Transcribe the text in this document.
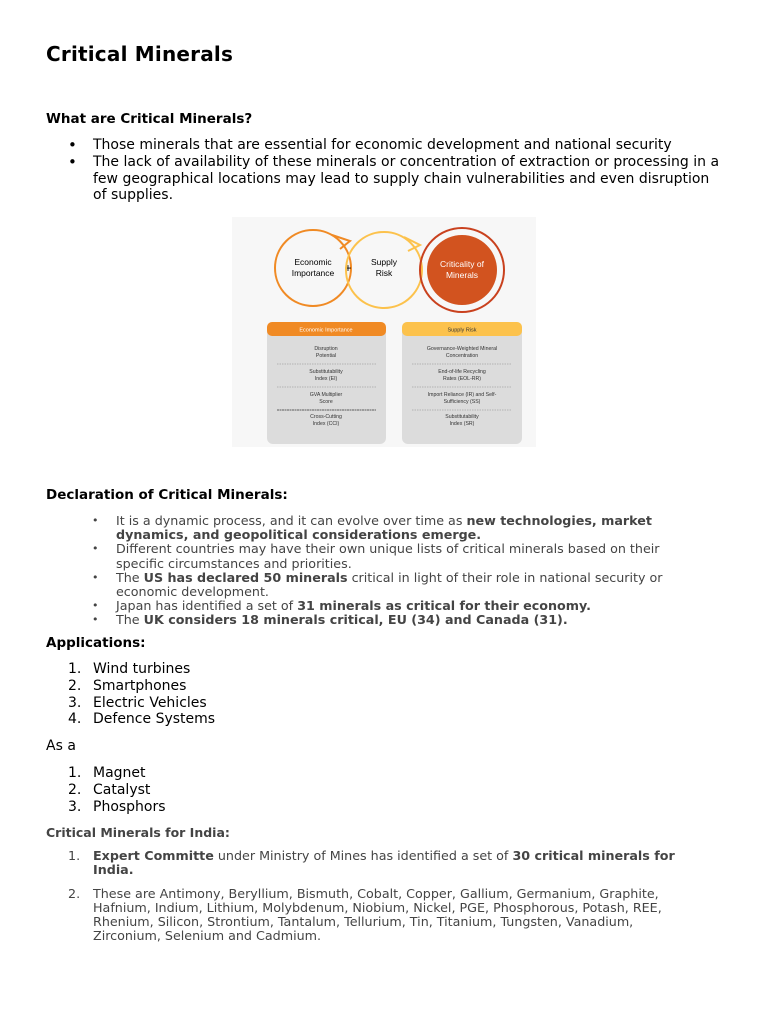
Critical Minerals
What are Critical Minerals?
• Those minerals that are essential for economic development and national security
• The lack of availability of these minerals or concentration of extraction or processing in a few geographical locations may lead to supply chain vulnerabilities and even disruption of supplies.
Economic
Importance + Supply
Risk
Criticality of
Minerals
Economic Importance
Disruption
Potential
Substitutability
Index (EI)
GVA Multiplier
Score
Cross-Cutting
Index (CCI)
Supply Risk
Governance-Weighted Mineral
Concentration
End-of-life Recycling
Rates (EOL-RR)
Import Reliance (IR) and Self-
Sufficiency (SS)
Substitutability
Index (SR)
Declaration of Critical Minerals:
• It is a dynamic process, and it can evolve over time as new technologies, market dynamics, and geopolitical considerations emerge.
• Different countries may have their own unique lists of critical minerals based on their specific circumstances and priorities.
• The US has declared 50 minerals critical in light of their role in national security or economic development.
• Japan has identified a set of 31 minerals as critical for their economy.
• The UK considers 18 minerals critical, EU (34) and Canada (31).
Applications:
1. Wind turbines
2. Smartphones
3. Electric Vehicles
4. Defence Systems

As a

1. Magnet
2. Catalyst
3. Phosphors
Critical Minerals for India:
1. Expert Committe under Ministry of Mines has identified a set of 30 critical minerals for India.
2. These are Antimony, Beryllium, Bismuth, Cobalt, Copper, Gallium, Germanium, Graphite, Hafnium, Indium, Lithium, Molybdenum, Niobium, Nickel, PGE, Phosphorous, Potash, REE, Rhenium, Silicon, Strontium, Tantalum, Tellurium, Tin, Titanium, Tungsten, Vanadium, Zirconium, Selenium and Cadmium.
